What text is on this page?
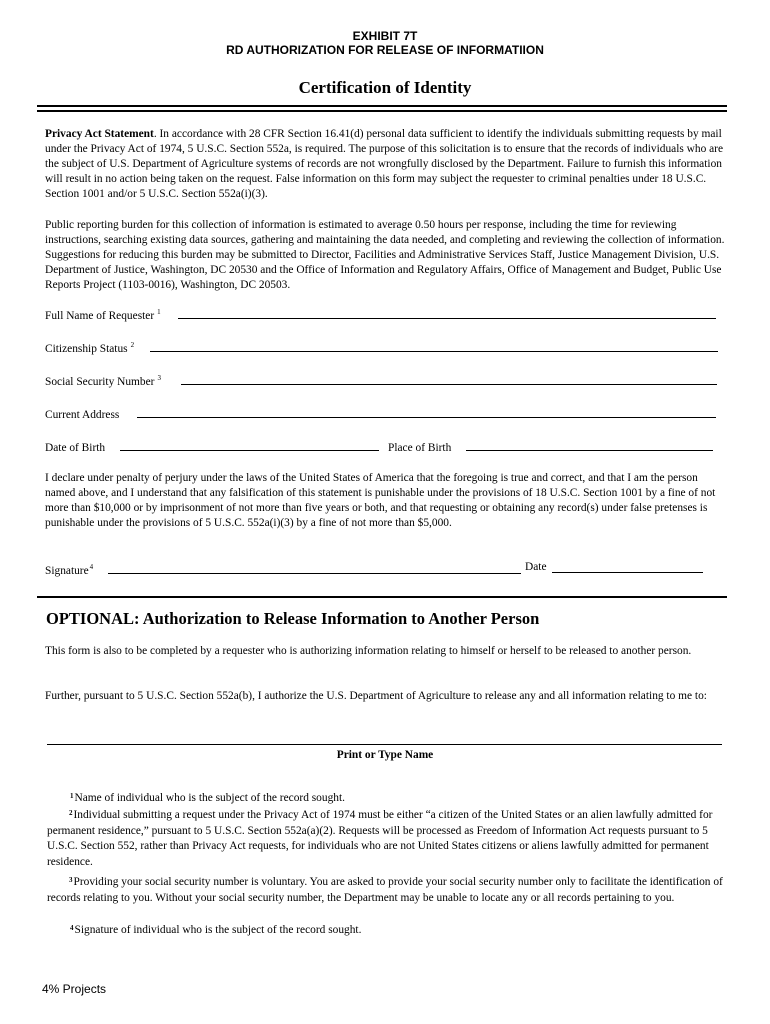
EXHIBIT 7T
RD AUTHORIZATION FOR RELEASE OF INFORMATIION
Certification of Identity
Privacy Act Statement. In accordance with 28 CFR Section 16.41(d) personal data sufficient to identify the individuals submitting requests by mail under the Privacy Act of 1974, 5 U.S.C. Section 552a, is required. The purpose of this solicitation is to ensure that the records of individuals who are the subject of U.S. Department of Agriculture systems of records are not wrongfully disclosed by the Department. Failure to furnish this information will result in no action being taken on the request. False information on this form may subject the requester to criminal penalties under 18 U.S.C. Section 1001 and/or 5 U.S.C. Section 552a(i)(3).
Public reporting burden for this collection of information is estimated to average 0.50 hours per response, including the time for reviewing instructions, searching existing data sources, gathering and maintaining the data needed, and completing and reviewing the collection of information. Suggestions for reducing this burden may be submitted to Director, Facilities and Administrative Services Staff, Justice Management Division, U.S. Department of Justice, Washington, DC 20530 and the Office of Information and Regulatory Affairs, Office of Management and Budget, Public Use Reports Project (1103-0016), Washington, DC 20503.
Full Name of Requester $^1$
Citizenship Status $^2$
Social Security Number $^3$
Current Address
Date of Birth	Place of Birth
I declare under penalty of perjury under the laws of the United States of America that the foregoing is true and correct, and that I am the person named above, and I understand that any falsification of this statement is punishable under the provisions of 18 U.S.C. Section 1001 by a fine of not more than $10,000 or by imprisonment of not more than five years or both, and that requesting or obtaining any record(s) under false pretenses is punishable under the provisions of 5 U.S.C. 552a(i)(3) by a fine of not more than $5,000.
Signature$^4$	Date
OPTIONAL: Authorization to Release Information to Another Person
This form is also to be completed by a requester who is authorizing information relating to himself or herself to be released to another person.
Further, pursuant to 5 U.S.C. Section 552a(b), I authorize the U.S. Department of Agriculture to release any and all information relating to me to:
Print or Type Name
$^1$Name of individual who is the subject of the record sought.
$^2$Individual submitting a request under the Privacy Act of 1974 must be either “a citizen of the United States or an alien lawfully admitted for permanent residence,” pursuant to 5 U.S.C. Section 552a(a)(2). Requests will be processed as Freedom of Information Act requests pursuant to 5 U.S.C. Section 552, rather than Privacy Act requests, for individuals who are not United States citizens or aliens lawfully admitted for permanent residence.
$^3$Providing your social security number is voluntary. You are asked to provide your social security number only to facilitate the identification of records relating to you. Without your social security number, the Department may be unable to locate any or all records pertaining to you.
$^4$Signature of individual who is the subject of the record sought.
4% Projects
